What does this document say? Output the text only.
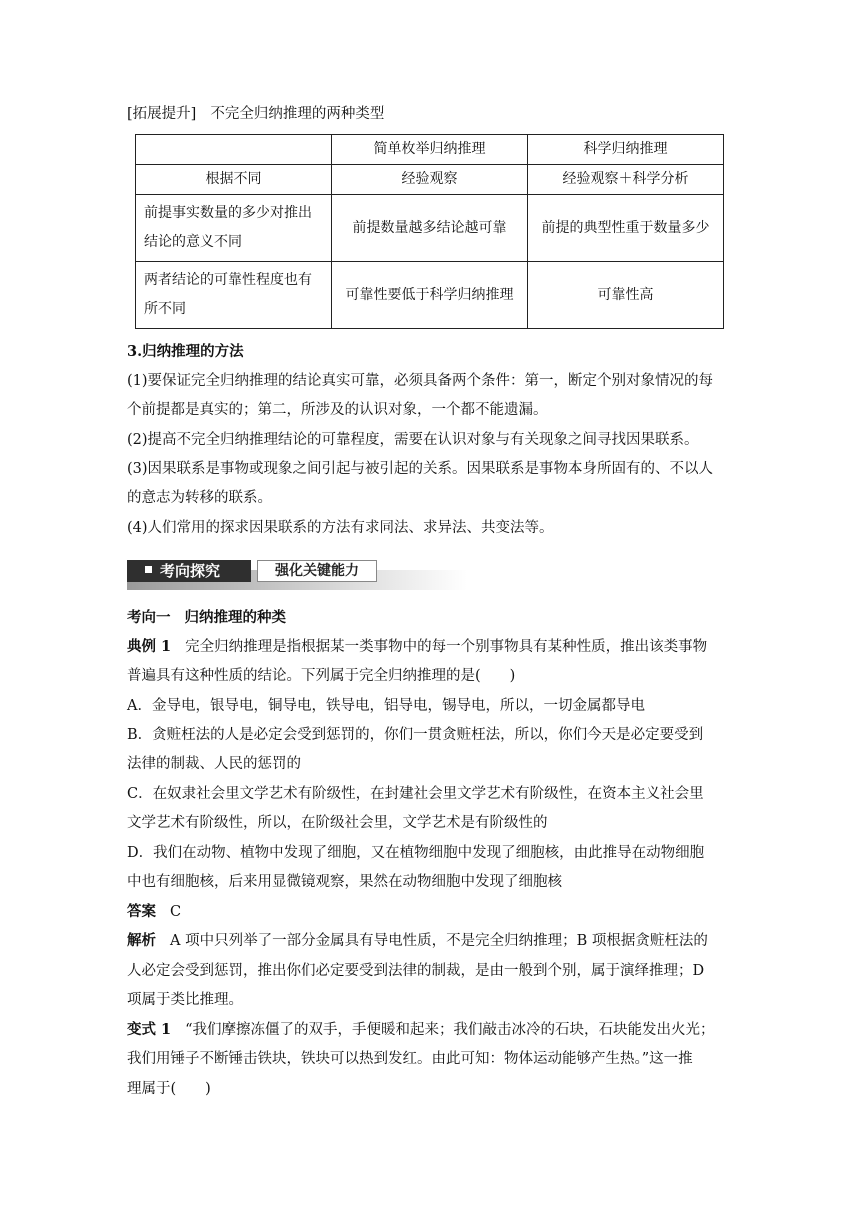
[拓展提升] 不完全归纳推理的两种类型
	简单枚举归纳推理	科学归纳推理
根据不同	经验观察	经验观察＋科学分析
前提事实数量的多少对推出结论的意义不同	前提数量越多结论越可靠	前提的典型性重于数量多少
两者结论的可靠性程度也有所不同	可靠性要低于科学归纳推理	可靠性高
3.归纳推理的方法
(1)要保证完全归纳推理的结论真实可靠，必须具备两个条件：第一，断定个别对象情况的每
个前提都是真实的；第二，所涉及的认识对象，一个都不能遗漏。
(2)提高不完全归纳推理结论的可靠程度，需要在认识对象与有关现象之间寻找因果联系。
(3)因果联系是事物或现象之间引起与被引起的关系。因果联系是事物本身所固有的、不以人
的意志为转移的联系。
(4)人们常用的探求因果联系的方法有求同法、求异法、共变法等。
考向探究	强化关键能力
考向一 归纳推理的种类
典例 1 完全归纳推理是指根据某一类事物中的每一个别事物具有某种性质，推出该类事物
普遍具有这种性质的结论。下列属于完全归纳推理的是(　　)
A．金导电，银导电，铜导电，铁导电，铝导电，锡导电，所以，一切金属都导电
B．贪赃枉法的人是必定会受到惩罚的，你们一贯贪赃枉法，所以，你们今天是必定要受到
法律的制裁、人民的惩罚的
C．在奴隶社会里文学艺术有阶级性，在封建社会里文学艺术有阶级性，在资本主义社会里
文学艺术有阶级性，所以，在阶级社会里，文学艺术是有阶级性的
D．我们在动物、植物中发现了细胞，又在植物细胞中发现了细胞核，由此推导在动物细胞
中也有细胞核，后来用显微镜观察，果然在动物细胞中发现了细胞核
答案 C
解析 A 项中只列举了一部分金属具有导电性质，不是完全归纳推理；B 项根据贪赃枉法的
人必定会受到惩罚，推出你们必定要受到法律的制裁，是由一般到个别，属于演绎推理；D
项属于类比推理。
变式 1 “我们摩擦冻僵了的双手，手便暖和起来；我们敲击冰冷的石块，石块能发出火光；
我们用锤子不断锤击铁块，铁块可以热到发红。由此可知：物体运动能够产生热。”这一推
理属于(　　)
